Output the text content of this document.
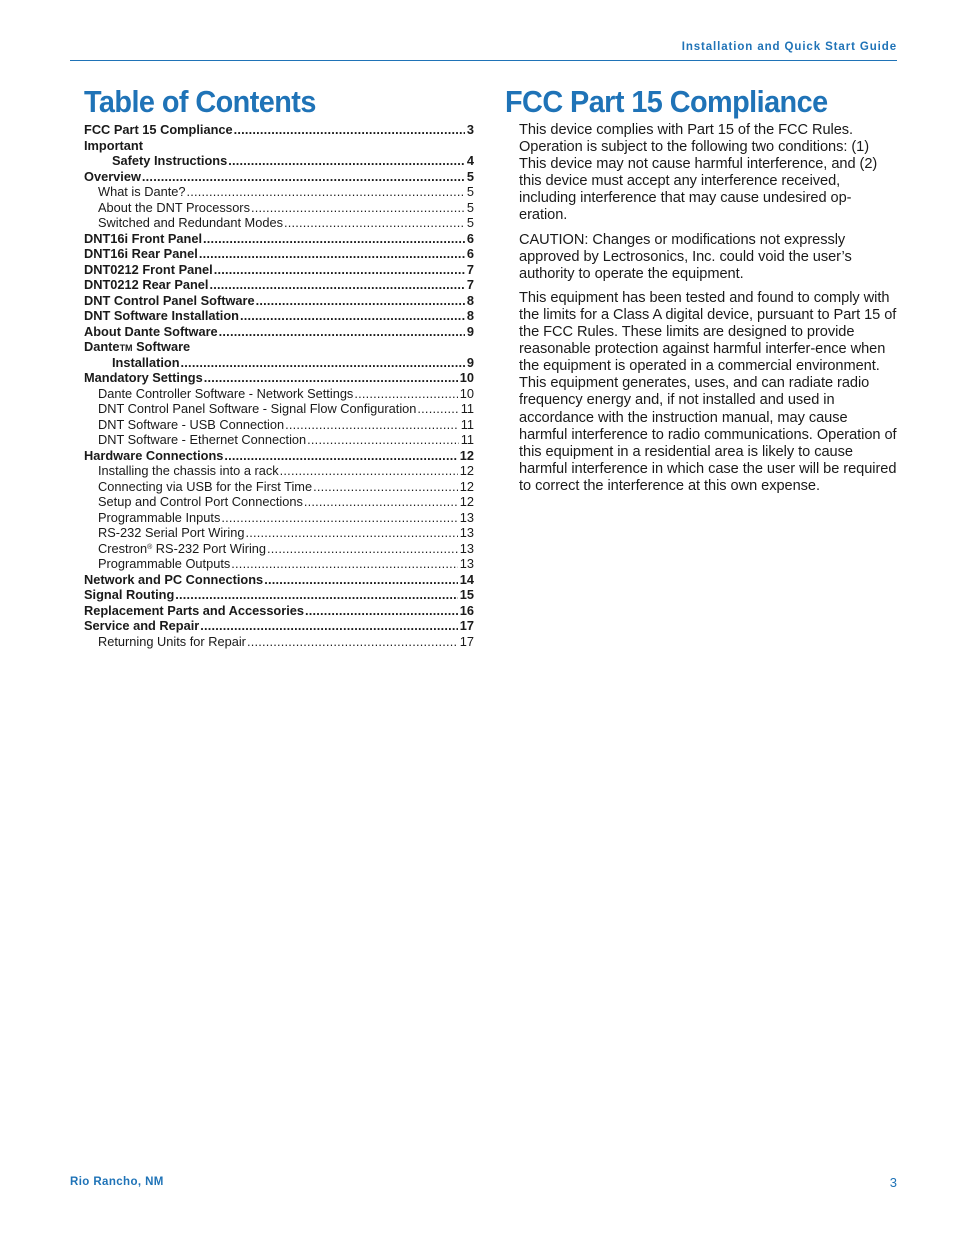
Installation and Quick Start Guide
Table of Contents	FCC Part 15 Compliance
FCC Part 15 Compliance .....	3
Important
Safety Instructions .....	4
Overview .....	5
What is Dante? .....	5
About the DNT Processors .....	5
Switched and Redundant Modes .....	5
DNT16i Front Panel .....	6
DNT16i Rear Panel .....	6
DNT0212 Front Panel .....	7
DNT0212 Rear Panel .....	7
DNT Control Panel Software .....	8
DNT Software Installation .....	8
About Dante Software .....	9
DanteTM Software
Installation .....	9
Mandatory Settings .....	10
Dante Controller Software - Network Settings .....	10
DNT Control Panel Software - Signal Flow Configuration .....	11
DNT Software - USB Connection .....	11
DNT Software - Ethernet Connection .....	11
Hardware Connections .....	12
Installing the chassis into a rack .....	12
Connecting via USB for the First Time .....	12
Setup and Control Port Connections .....	12
Programmable Inputs .....	13
RS-232 Serial Port Wiring .....	13
Crestron® RS-232 Port Wiring .....	13
Programmable Outputs .....	13
Network and PC Connections .....	14
Signal Routing .....	15
Replacement Parts and Accessories .....	16
Service and Repair .....	17
Returning Units for Repair .....	17

This device complies with Part 15 of the FCC Rules. Operation is subject to the following two conditions: (1) This device may not cause harmful interference, and (2) this device must accept any interference received, including interference that may cause undesired op-eration.

CAUTION: Changes or modifications not expressly approved by Lectrosonics, Inc. could void the user’s authority to operate the equipment.

This equipment has been tested and found to comply with the limits for a Class A digital device, pursuant to Part 15 of the FCC Rules. These limits are designed to provide reasonable protection against harmful interfer-ence when the equipment is operated in a commercial environment. This equipment generates, uses, and can radiate radio frequency energy and, if not installed and used in accordance with the instruction manual, may cause harmful interference to radio communications. Operation of this equipment in a residential area is likely to cause harmful interference in which case the user will be required to correct the interference at this own expense.

Rio Rancho, NM	3
